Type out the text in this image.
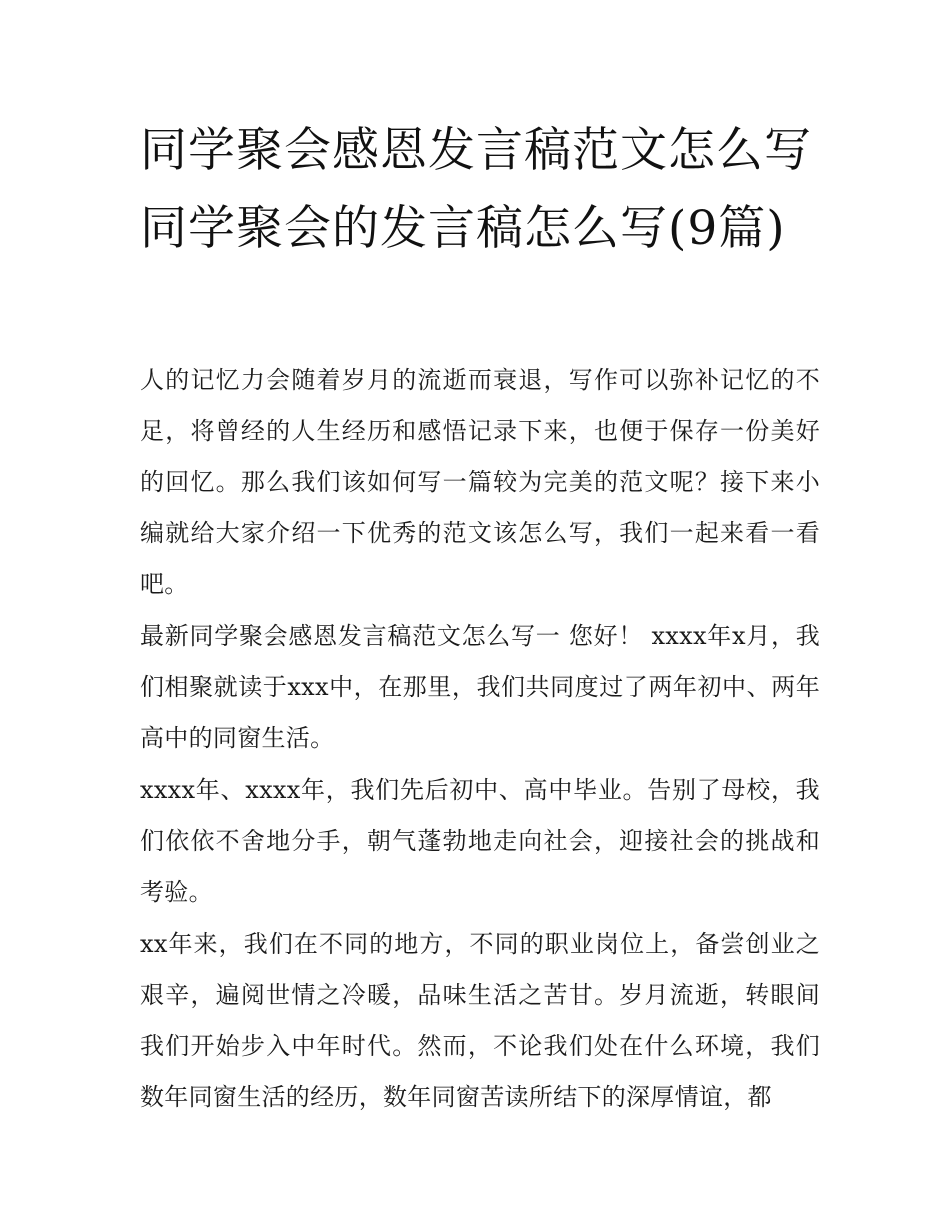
同学聚会感恩发言稿范文怎么写 同学聚会的发言稿怎么写(9篇)

人的记忆力会随着岁月的流逝而衰退，写作可以弥补记忆的不足，将曾经的人生经历和感悟记录下来，也便于保存一份美好的回忆。那么我们该如何写一篇较为完美的范文呢？接下来小编就给大家介绍一下优秀的范文该怎么写，我们一起来看一看吧。

最新同学聚会感恩发言稿范文怎么写一 您好！ xxxx年x月，我们相聚就读于xxx中，在那里，我们共同度过了两年初中、两年高中的同窗生活。

xxxx年、xxxx年，我们先后初中、高中毕业。告别了母校，我们依依不舍地分手，朝气蓬勃地走向社会，迎接社会的挑战和考验。

xx年来，我们在不同的地方，不同的职业岗位上，备尝创业之艰辛，遍阅世情之冷暖，品味生活之苦甘。岁月流逝，转眼间我们开始步入中年时代。然而，不论我们处在什么环境，我们数年同窗生活的经历，数年同窗苦读所结下的深厚情谊，都
